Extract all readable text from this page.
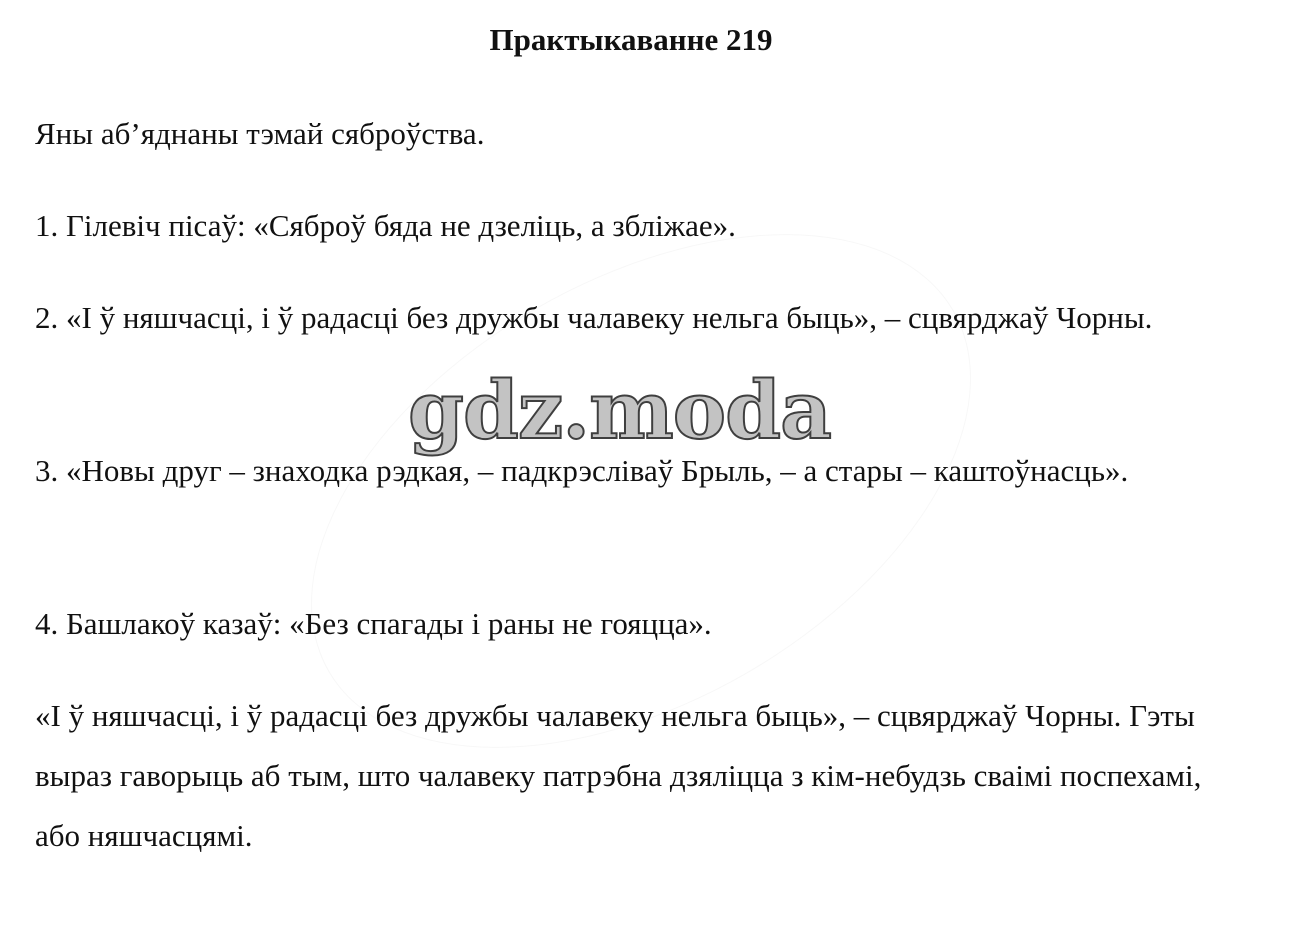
Практыкаванне 219

Яны аб’яднаны тэмай сяброўства.

1. Гілевіч пісаў: «Сяброў бяда не дзеліць, а збліжае».

2. «І ў няшчасці, і ў радасці без дружбы чалавеку нельга быць», – сцвярджаў Чорны.

3. «Новы друг – знаходка рэдкая, – падкрэсліваў Брыль, – а стары – каштоўнасць».

4. Башлакоў казаў: «Без спагады і раны не гояцца».

«І ў няшчасці, і ў радасці без дружбы чалавеку нельга быць», – сцвярджаў Чорны. Гэты выраз гаворыць аб тым, што чалавеку патрэбна дзяліцца з кім-небудзь сваімі поспехамі, або няшчасцямі.

gdz.moda
